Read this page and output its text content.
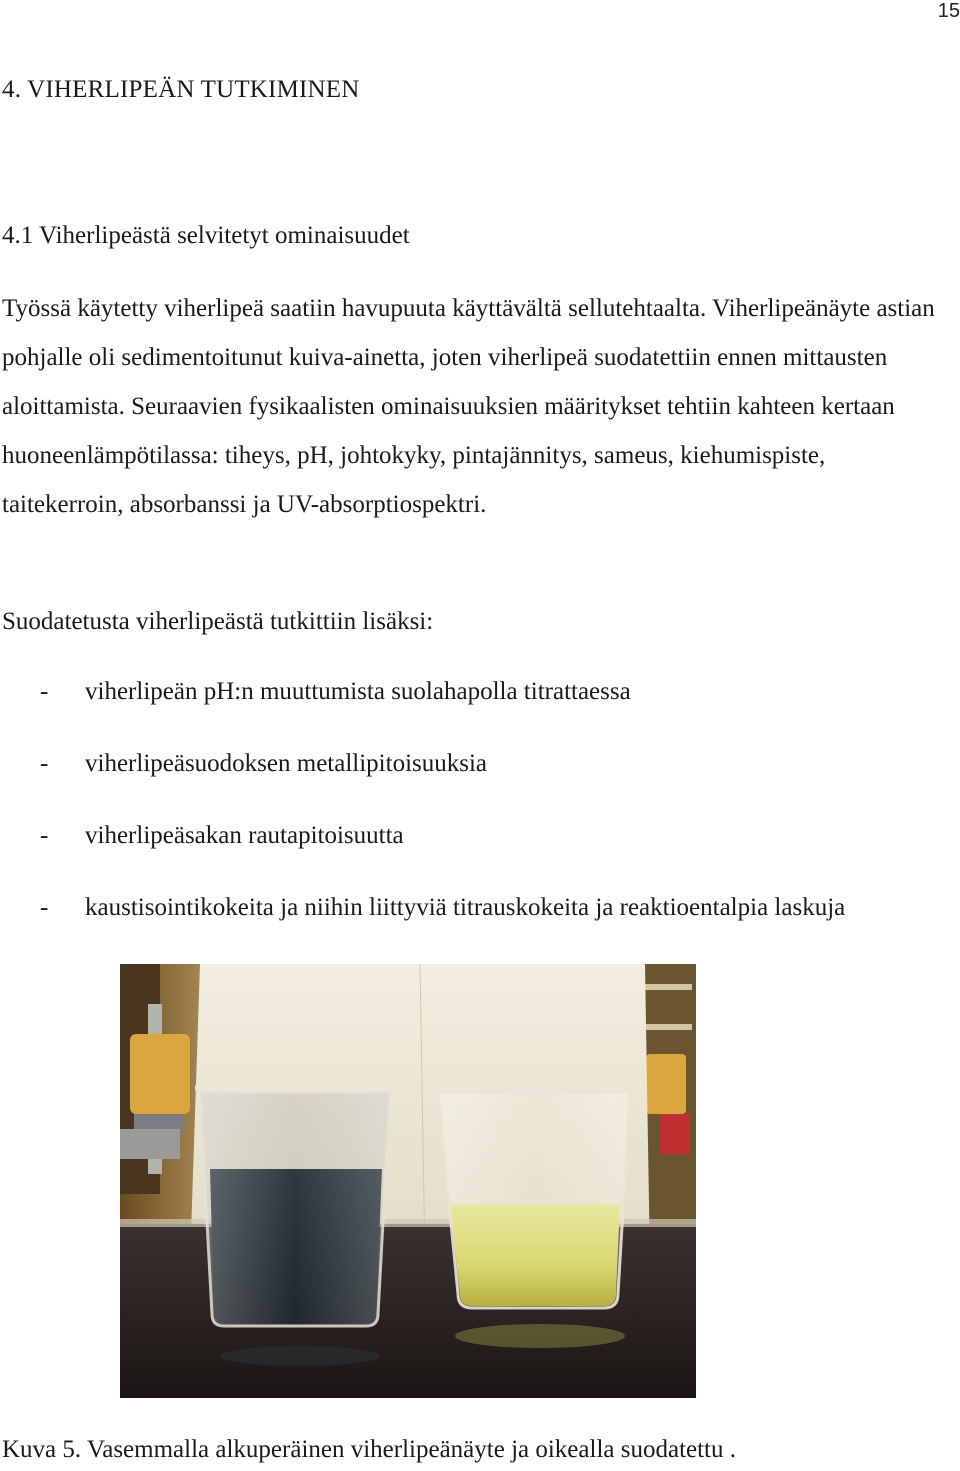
15
4. VIHERLIPEÄN TUTKIMINEN
4.1 Viherlipeästä selvitetyt ominaisuudet

Työssä käytetty viherlipeä saatiin havupuuta käyttävältä sellutehtaalta. Viherlipeänäyte astian pohjalle oli sedimentoitunut kuiva-ainetta, joten viherlipeä suodatettiin ennen mittausten aloittamista. Seuraavien fysikaalisten ominaisuuksien määritykset tehtiin kahteen kertaan huoneenlämpötilassa: tiheys, pH, johtokyky, pintajännitys, sameus, kiehumispiste, taitekerroin, absorbanssi ja UV-absorptiospektri.

Suodatetusta viherlipeästä tutkittiin lisäksi:

- viherlipeän pH:n muuttumista suolahapolla titrattaessa
- viherlipeäsuodoksen metallipitoisuuksia
- viherlipeäsakan rautapitoisuutta
- kaustisointikokeita ja niihin liittyviä titrauskokeita ja reaktioentalpia laskuja
Kuva 5. Vasemmalla alkuperäinen viherlipeänäyte ja oikealla suodatettu .
